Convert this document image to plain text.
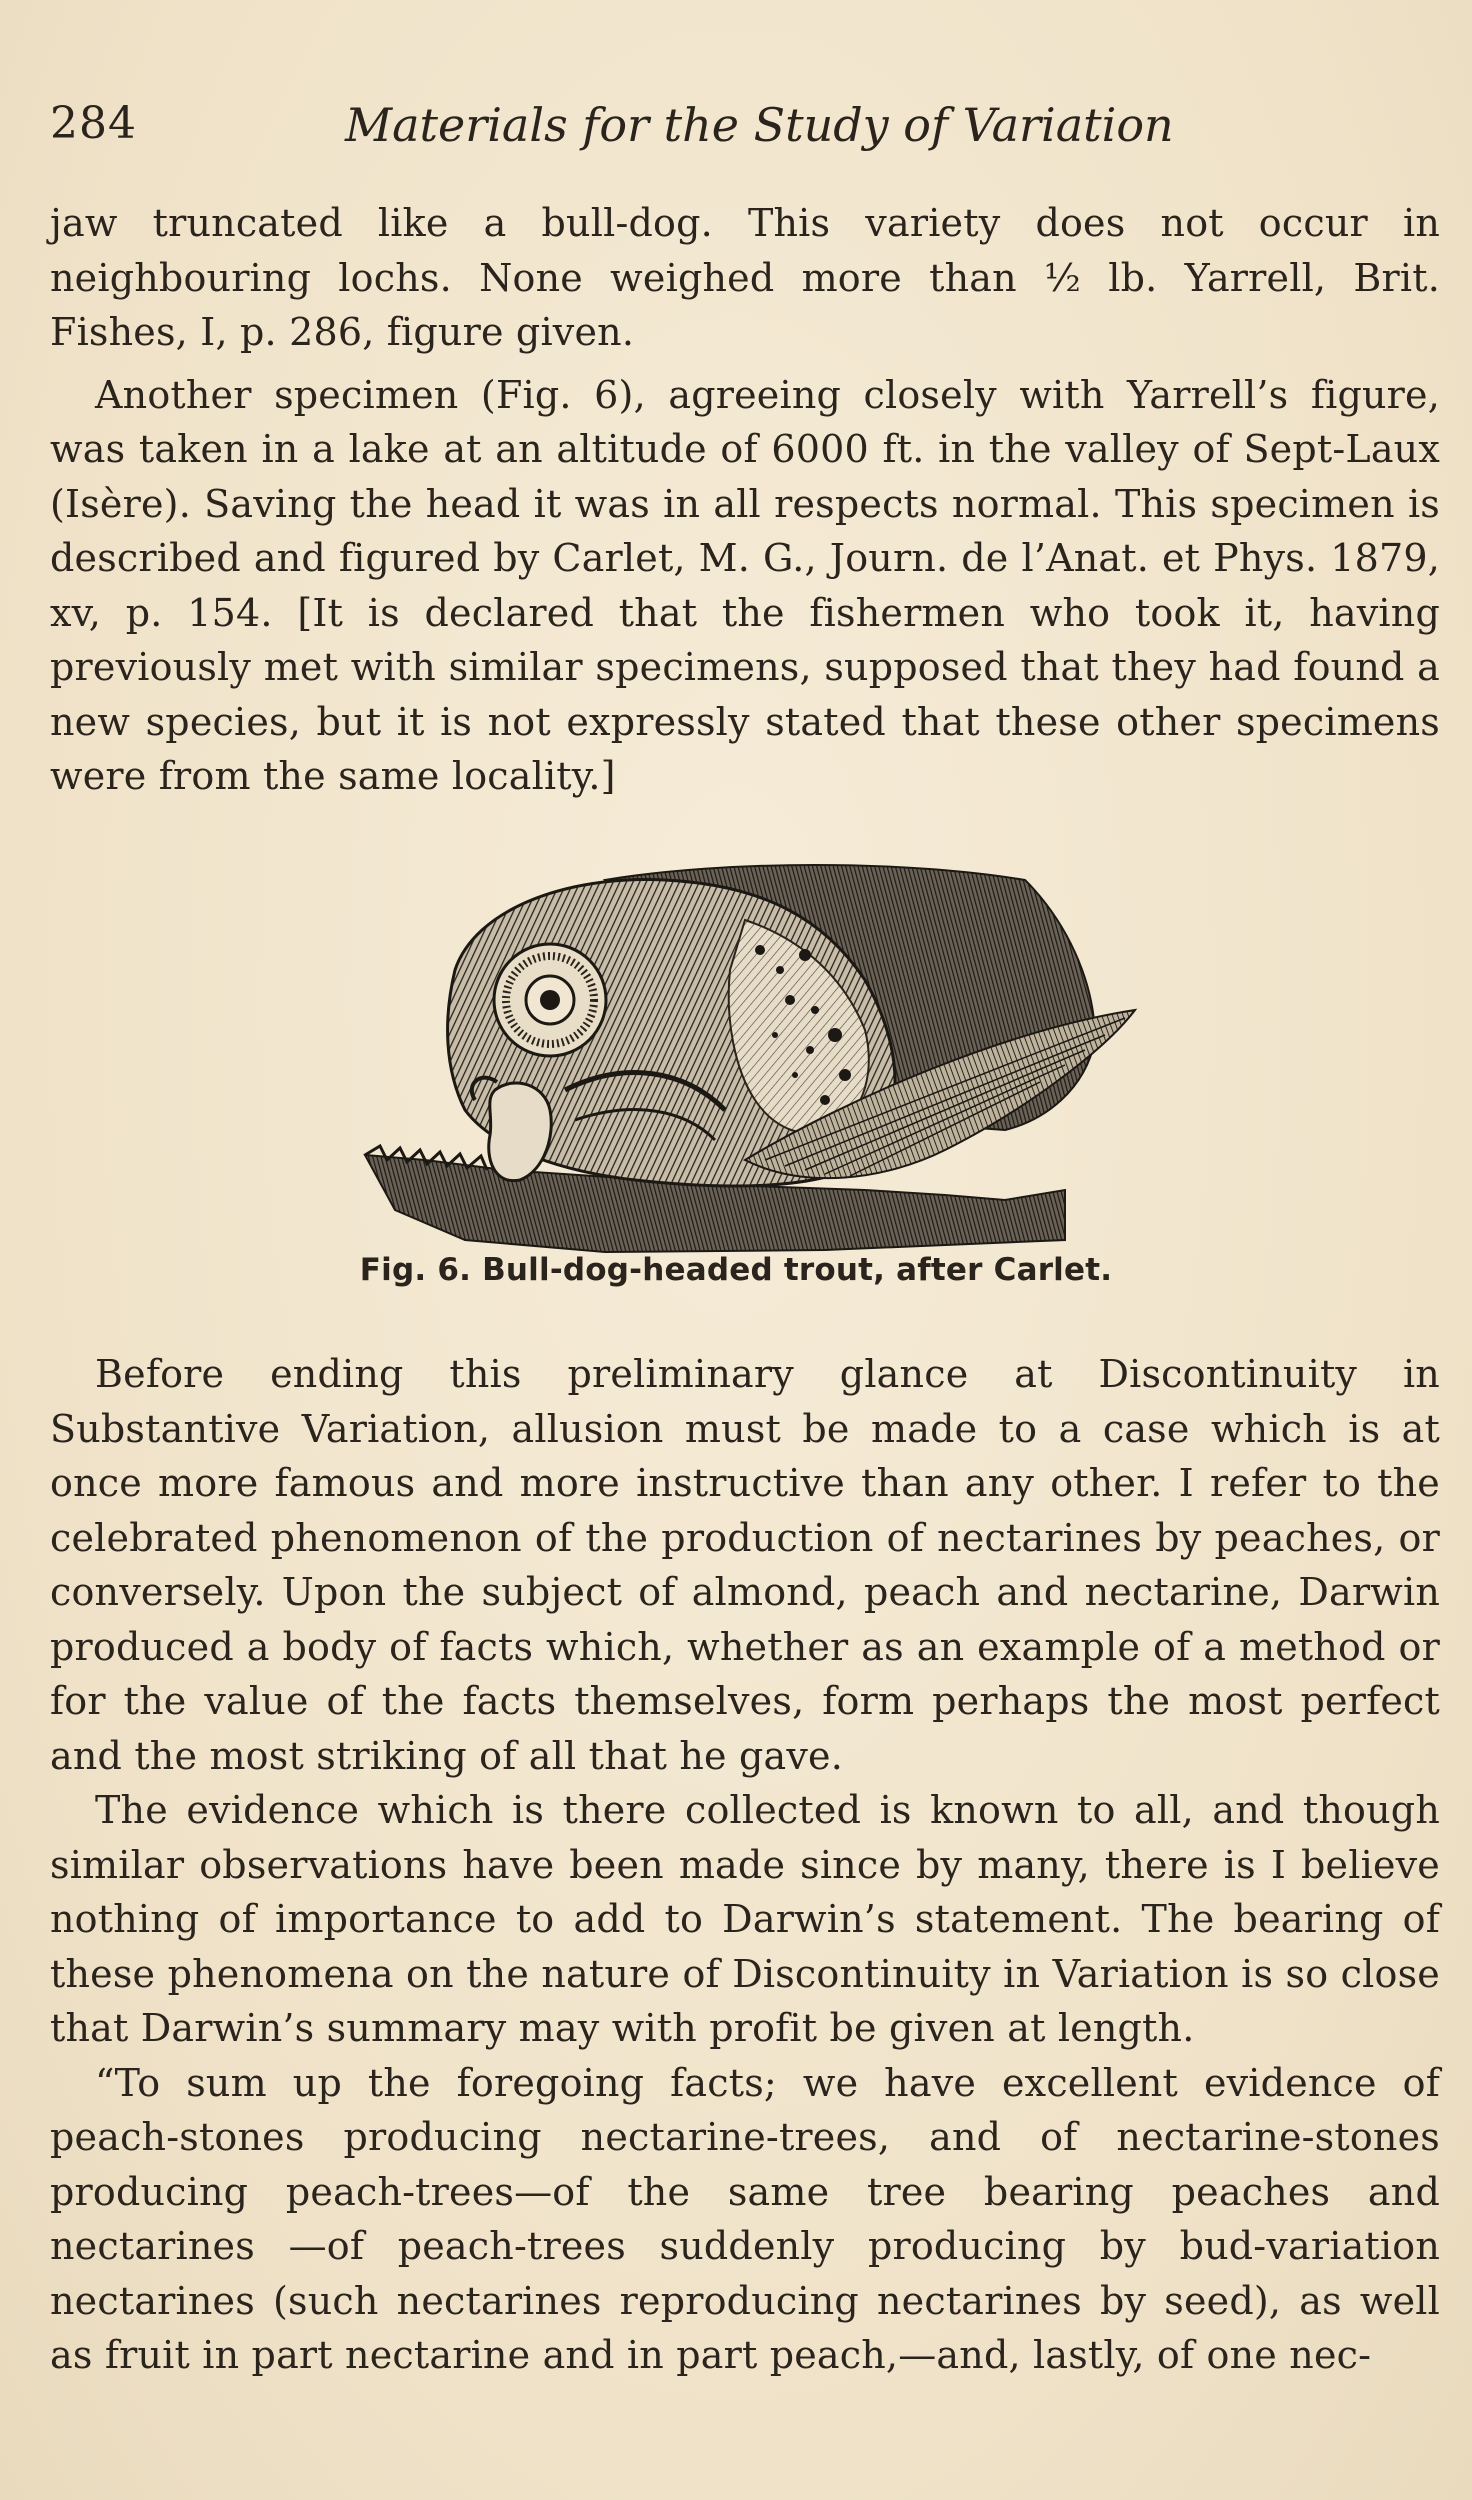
284	Materials for the Study of Variation

jaw truncated like a bull-dog. This variety does not occur in neighbouring lochs. None weighed more than ½ lb. Yarrell, Brit. Fishes, I, p. 286, figure given.

Another specimen (Fig. 6), agreeing closely with Yarrell’s figure, was taken in a lake at an altitude of 6000 ft. in the valley of Sept-Laux (Isère). Saving the head it was in all respects normal. This specimen is described and figured by Carlet, M. G., Journ. de l’Anat. et Phys. 1879, xv, p. 154. [It is declared that the fishermen who took it, having previously met with similar specimens, supposed that they had found a new species, but it is not expressly stated that these other specimens were from the same locality.]

Fig. 6. Bull-dog-headed trout, after Carlet.

Before ending this preliminary glance at Discontinuity in Substantive Variation, allusion must be made to a case which is at once more famous and more instructive than any other. I refer to the celebrated phenomenon of the production of nectarines by peaches, or conversely. Upon the subject of almond, peach and nectarine, Darwin produced a body of facts which, whether as an example of a method or for the value of the facts themselves, form perhaps the most perfect and the most striking of all that he gave.

The evidence which is there collected is known to all, and though similar observations have been made since by many, there is I believe nothing of importance to add to Darwin’s statement. The bearing of these phenomena on the nature of Discontinuity in Variation is so close that Darwin’s summary may with profit be given at length.

“To sum up the foregoing facts; we have excellent evidence of peach-stones producing nectarine-trees, and of nectarine-stones producing peach-trees—of the same tree bearing peaches and nectarines —of peach-trees suddenly producing by bud-variation nectarines (such nectarines reproducing nectarines by seed), as well as fruit in part nectarine and in part peach,—and, lastly, of one nec-
